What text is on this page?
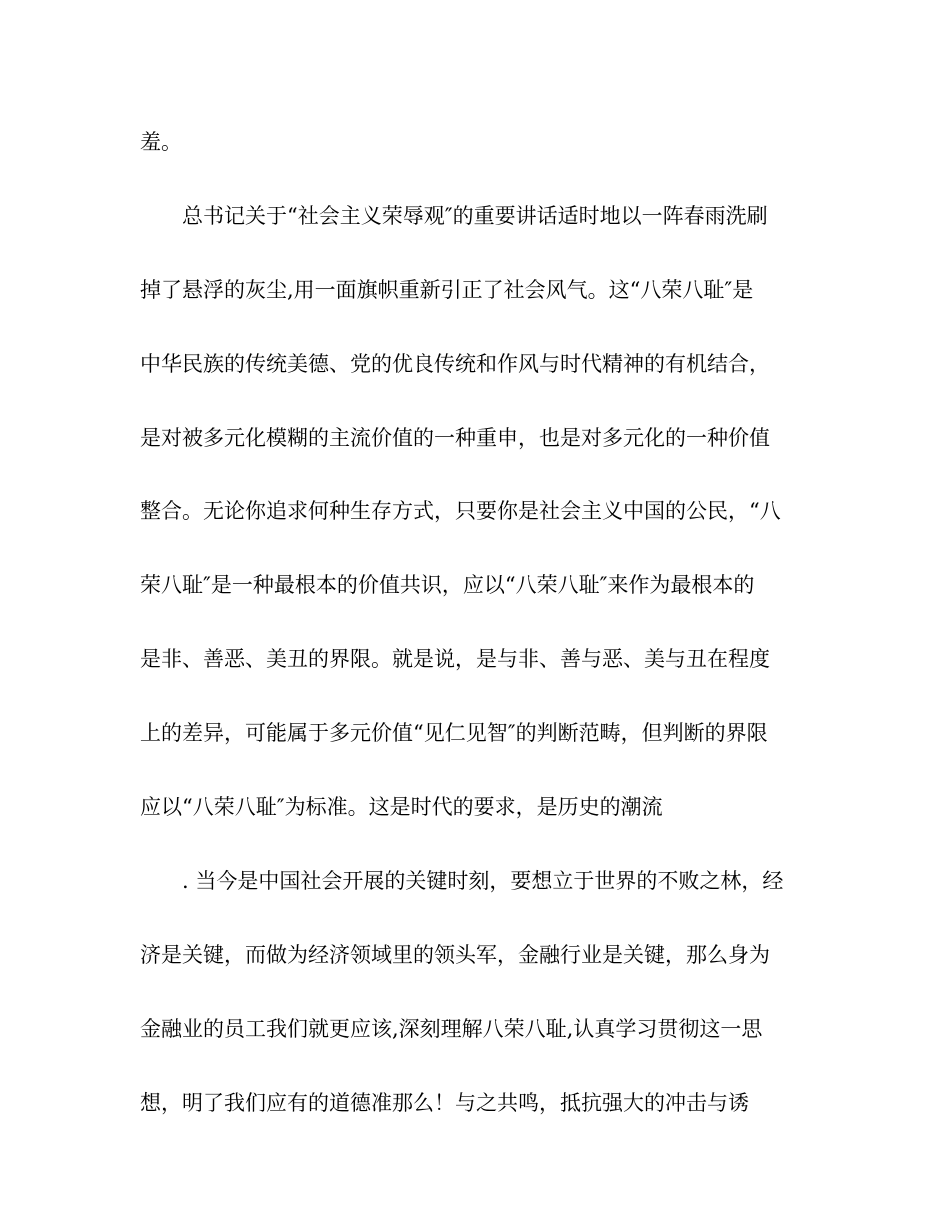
羞。
总书记关于“社会主义荣辱观″的重要讲话适时地以一阵春雨洗刷
掉了悬浮的灰尘,用一面旗帜重新引正了社会风气。这“八荣八耻″是
中华民族的传统美德、党的优良传统和作风与时代精神的有机结合，
是对被多元化模糊的主流价值的一种重申，也是对多元化的一种价值
整合。无论你追求何种生存方式，只要你是社会主义中国的公民，“八
荣八耻″是一种最根本的价值共识，应以“八荣八耻″来作为最根本的
是非、善恶、美丑的界限。就是说，是与非、善与恶、美与丑在程度
上的差异，可能属于多元价值“见仁见智″的判断范畴，但判断的界限
应以“八荣八耻″为标准。这是时代的要求，是历史的潮流
. 当今是中国社会开展的关键时刻，要想立于世界的不败之林，经
济是关键，而做为经济领域里的领头军，金融行业是关键，那么身为
金融业的员工我们就更应该,深刻理解八荣八耻,认真学习贯彻这一思
想，明了我们应有的道德准那么！与之共鸣，抵抗强大的冲击与诱
